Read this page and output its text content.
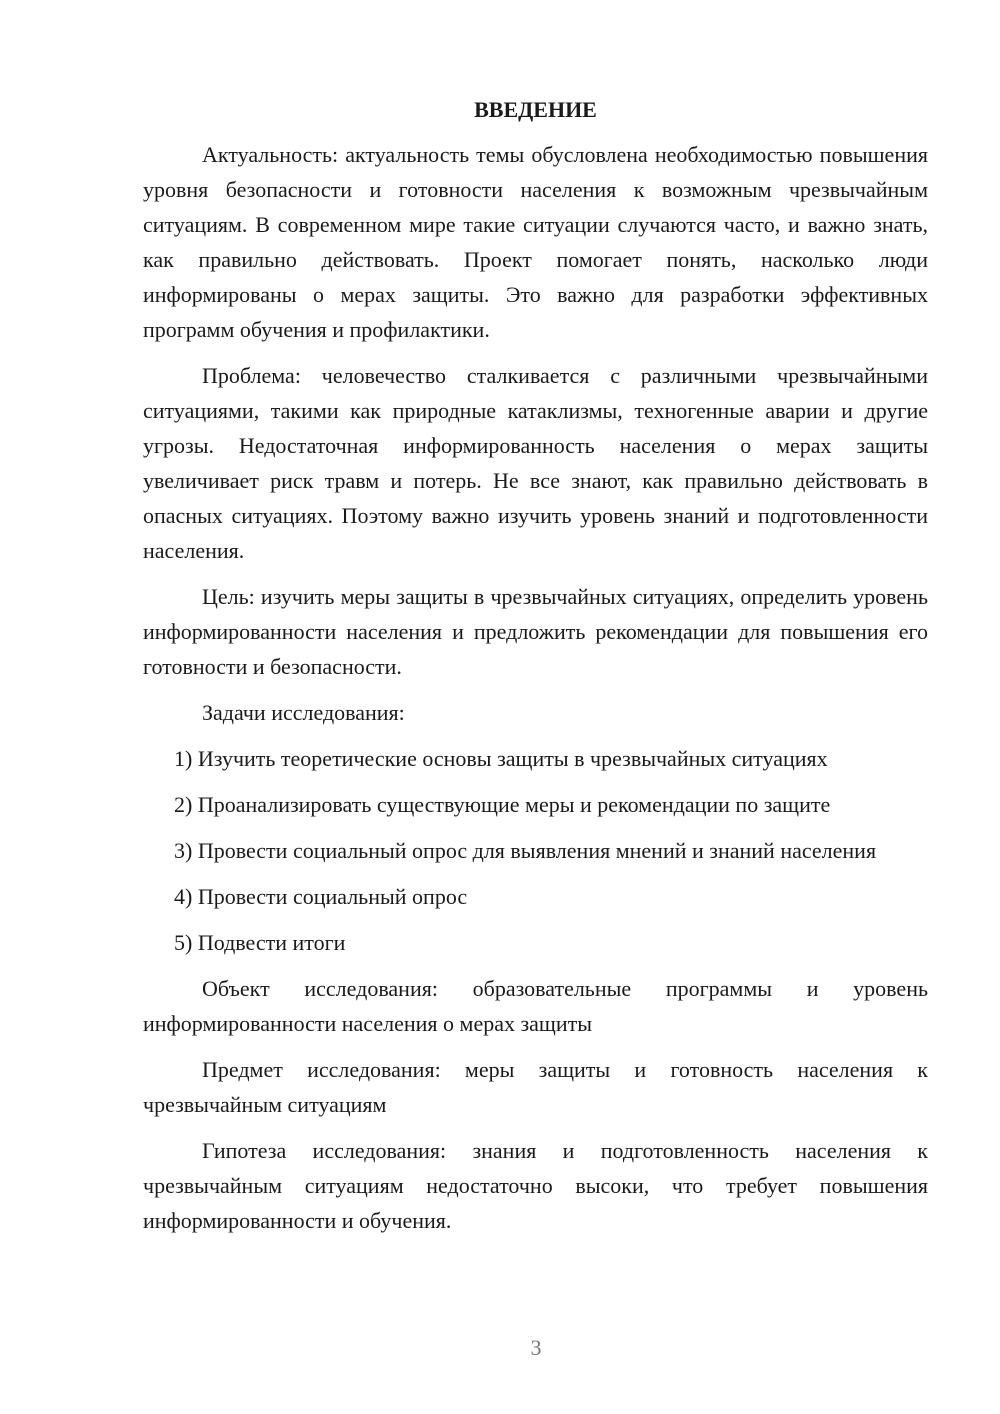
ВВЕДЕНИЕ

Актуальность: актуальность темы обусловлена необходимостью повышения уровня безопасности и готовности населения к возможным чрезвычайным ситуациям. В современном мире такие ситуации случаются часто, и важно знать, как правильно действовать. Проект помогает понять, насколько люди информированы о мерах защиты. Это важно для разработки эффективных программ обучения и профилактики.

Проблема: человечество сталкивается с различными чрезвычайными ситуациями, такими как природные катаклизмы, техногенные аварии и другие угрозы. Недостаточная информированность населения о мерах защиты увеличивает риск травм и потерь. Не все знают, как правильно действовать в опасных ситуациях. Поэтому важно изучить уровень знаний и подготовленности населения.

Цель: изучить меры защиты в чрезвычайных ситуациях, определить уровень информированности населения и предложить рекомендации для повышения его готовности и безопасности.

Задачи исследования:

1) Изучить теоретические основы защиты в чрезвычайных ситуациях

2) Проанализировать существующие меры и рекомендации по защите

3) Провести социальный опрос для выявления мнений и знаний населения

4) Провести социальный опрос

5) Подвести итоги

Объект исследования: образовательные программы и уровень информированности населения о мерах защиты

Предмет исследования: меры защиты и готовность населения к чрезвычайным ситуациям

Гипотеза исследования: знания и подготовленность населения к чрезвычайным ситуациям недостаточно высоки, что требует повышения информированности и обучения.

3
